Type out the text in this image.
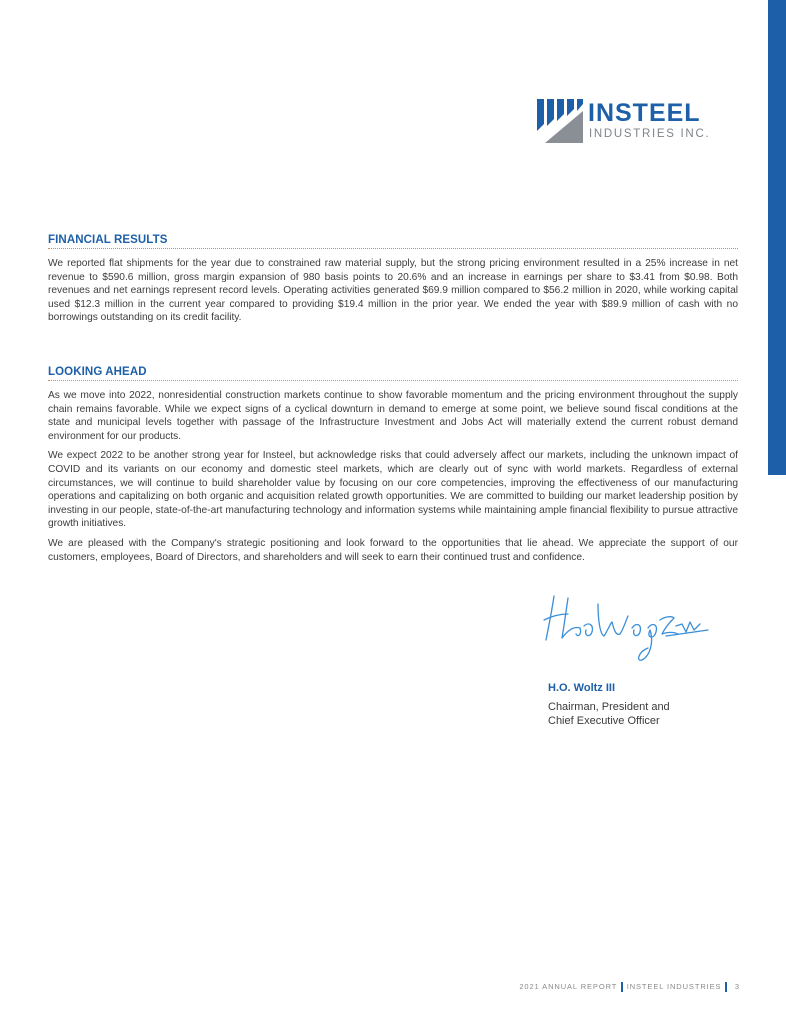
INSTEEL
INDUSTRIES INC.
FINANCIAL RESULTS

We reported flat shipments for the year due to constrained raw material supply, but the strong pricing environment resulted in a 25% increase in net revenue to $590.6 million, gross margin expansion of 980 basis points to 20.6% and an increase in earnings per share to $3.41 from $0.98. Both revenues and net earnings represent record levels. Operating activities generated $69.9 million compared to $56.2 million in 2020, while working capital used $12.3 million in the current year compared to providing $19.4 million in the prior year. We ended the year with $89.9 million of cash with no borrowings outstanding on its credit facility.

LOOKING AHEAD

As we move into 2022, nonresidential construction markets continue to show favorable momentum and the pricing environment throughout the supply chain remains favorable. While we expect signs of a cyclical downturn in demand to emerge at some point, we believe sound fiscal conditions at the state and municipal levels together with passage of the Infrastructure Investment and Jobs Act will materially extend the current robust demand environment for our products.

We expect 2022 to be another strong year for Insteel, but acknowledge risks that could adversely affect our markets, including the unknown impact of COVID and its variants on our economy and domestic steel markets, which are clearly out of sync with world markets. Regardless of external circumstances, we will continue to build shareholder value by focusing on our core competencies, improving the effectiveness of our manufacturing operations and capitalizing on both organic and acquisition related growth opportunities. We are committed to building our market leadership position by investing in our people, state-of-the-art manufacturing technology and information systems while maintaining ample financial flexibility to pursue attractive growth initiatives.

We are pleased with the Company's strategic positioning and look forward to the opportunities that lie ahead. We appreciate the support of our customers, employees, Board of Directors, and shareholders and will seek to earn their continued trust and confidence.

H.O. Woltz III
Chairman, President and
Chief Executive Officer
2021 ANNUAL REPORT INSTEEL INDUSTRIES 3
